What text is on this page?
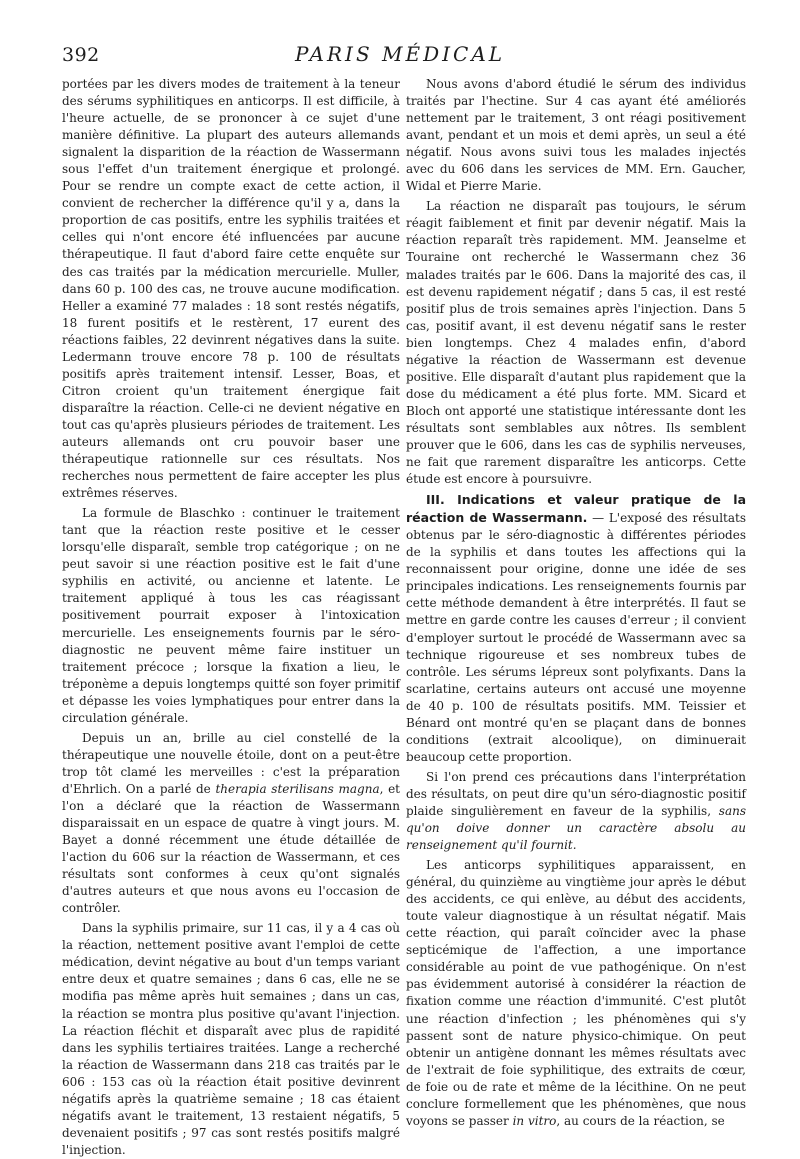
392	PARIS MÉDICAL

portées par les divers modes de traitement à la teneur des sérums syphilitiques en anticorps. Il est difficile, à l'heure actuelle, de se prononcer à ce sujet d'une manière définitive. La plupart des auteurs allemands signalent la disparition de la réaction de Wassermann sous l'effet d'un traitement énergique et prolongé. Pour se rendre un compte exact de cette action, il convient de rechercher la différence qu'il y a, dans la proportion de cas positifs, entre les syphilis traitées et celles qui n'ont encore été influencées par aucune thérapeutique. Il faut d'abord faire cette enquête sur des cas traités par la médication mercurielle. Muller, dans 60 p. 100 des cas, ne trouve aucune modification. Heller a examiné 77 malades : 18 sont restés négatifs, 18 furent positifs et le restèrent, 17 eurent des réactions faibles, 22 devinrent négatives dans la suite. Ledermann trouve encore 78 p. 100 de résultats positifs après traitement intensif. Lesser, Boas, et Citron croient qu'un traitement énergique fait disparaître la réaction. Celle-ci ne devient négative en tout cas qu'après plusieurs périodes de traitement. Les auteurs allemands ont cru pouvoir baser une thérapeutique rationnelle sur ces résultats. Nos recherches nous permettent de faire accepter les plus extrêmes réserves.

La formule de Blaschko : continuer le traitement tant que la réaction reste positive et le cesser lorsqu'elle disparaît, semble trop catégorique ; on ne peut savoir si une réaction positive est le fait d'une syphilis en activité, ou ancienne et latente. Le traitement appliqué à tous les cas réagissant positivement pourrait exposer à l'intoxication mercurielle. Les enseignements fournis par le séro-diagnostic ne peuvent même faire instituer un traitement précoce ; lorsque la fixation a lieu, le tréponème a depuis longtemps quitté son foyer primitif et dépasse les voies lymphatiques pour entrer dans la circulation générale.

Depuis un an, brille au ciel constellé de la thérapeutique une nouvelle étoile, dont on a peut-être trop tôt clamé les merveilles : c'est la préparation d'Ehrlich. On a parlé de therapia sterilisans magna, et l'on a déclaré que la réaction de Wassermann disparaissait en un espace de quatre à vingt jours. M. Bayet a donné récemment une étude détaillée de l'action du 606 sur la réaction de Wassermann, et ces résultats sont conformes à ceux qu'ont signalés d'autres auteurs et que nous avons eu l'occasion de contrôler.

Dans la syphilis primaire, sur 11 cas, il y a 4 cas où la réaction, nettement positive avant l'emploi de cette médication, devint négative au bout d'un temps variant entre deux et quatre semaines ; dans 6 cas, elle ne se modifia pas même après huit semaines ; dans un cas, la réaction se montra plus positive qu'avant l'injection. La réaction fléchit et disparaît avec plus de rapidité dans les syphilis tertiaires traitées. Lange a recherché la réaction de Wassermann dans 218 cas traités par le 606 : 153 cas où la réaction était positive devinrent négatifs après la quatrième semaine ; 18 cas étaient négatifs avant le traitement, 13 restaient négatifs, 5 devenaient positifs ; 97 cas sont restés positifs malgré l'injection.

Nous avons d'abord étudié le sérum des individus traités par l'hectine. Sur 4 cas ayant été améliorés nettement par le traitement, 3 ont réagi positivement avant, pendant et un mois et demi après, un seul a été négatif. Nous avons suivi tous les malades injectés avec du 606 dans les services de MM. Ern. Gaucher, Widal et Pierre Marie.

La réaction ne disparaît pas toujours, le sérum réagit faiblement et finit par devenir négatif. Mais la réaction reparaît très rapidement. MM. Jeanselme et Touraine ont recherché le Wassermann chez 36 malades traités par le 606. Dans la majorité des cas, il est devenu rapidement négatif ; dans 5 cas, il est resté positif plus de trois semaines après l'injection. Dans 5 cas, positif avant, il est devenu négatif sans le rester bien longtemps. Chez 4 malades enfin, d'abord négative la réaction de Wassermann est devenue positive. Elle disparaît d'autant plus rapidement que la dose du médicament a été plus forte. MM. Sicard et Bloch ont apporté une statistique intéressante dont les résultats sont semblables aux nôtres. Ils semblent prouver que le 606, dans les cas de syphilis nerveuses, ne fait que rarement disparaître les anticorps. Cette étude est encore à poursuivre.

III. Indications et valeur pratique de la réaction de Wassermann. — L'exposé des résultats obtenus par le séro-diagnostic à différentes périodes de la syphilis et dans toutes les affections qui la reconnaissent pour origine, donne une idée de ses principales indications. Les renseignements fournis par cette méthode demandent à être interprétés. Il faut se mettre en garde contre les causes d'erreur ; il convient d'employer surtout le procédé de Wassermann avec sa technique rigoureuse et ses nombreux tubes de contrôle. Les sérums lépreux sont polyfixants. Dans la scarlatine, certains auteurs ont accusé une moyenne de 40 p. 100 de résultats positifs. MM. Teissier et Bénard ont montré qu'en se plaçant dans de bonnes conditions (extrait alcoolique), on diminuerait beaucoup cette proportion.

Si l'on prend ces précautions dans l'interprétation des résultats, on peut dire qu'un séro-diagnostic positif plaide singulièrement en faveur de la syphilis, sans qu'on doive donner un caractère absolu au renseignement qu'il fournit.

Les anticorps syphilitiques apparaissent, en général, du quinzième au vingtième jour après le début des accidents, ce qui enlève, au début des accidents, toute valeur diagnostique à un résultat négatif. Mais cette réaction, qui paraît coïncider avec la phase septicémique de l'affection, a une importance considérable au point de vue pathogénique. On n'est pas évidemment autorisé à considérer la réaction de fixation comme une réaction d'immunité. C'est plutôt une réaction d'infection ; les phénomènes qui s'y passent sont de nature physico-chimique. On peut obtenir un antigène donnant les mêmes résultats avec de l'extrait de foie syphilitique, des extraits de cœur, de foie ou de rate et même de la lécithine. On ne peut conclure formellement que les phénomènes, que nous voyons se passer in vitro, au cours de la réaction, se
